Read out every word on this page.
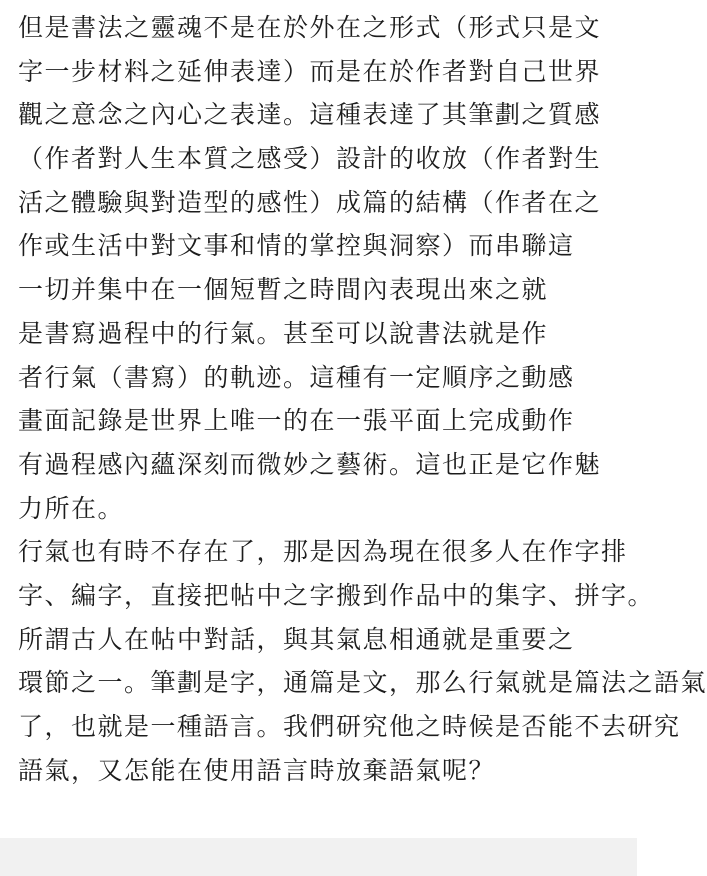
但是書法之靈魂不是在於外在之形式（形式只是文
字一步材料之延伸表達）而是在於作者對自己世界
觀之意念之內心之表達。這種表達了其筆劃之質感
（作者對人生本質之感受）設計的收放（作者對生
活之體驗與對造型的感性）成篇的結構（作者在之
作或生活中對文事和情的掌控與洞察）而串聯這
一切并集中在一個短暫之時間內表現出來之就
是書寫過程中的行氣。甚至可以說書法就是作
者行氣（書寫）的軌迹。這種有一定順序之動感
畫面記錄是世界上唯一的在一張平面上完成動作
有過程感內蘊深刻而微妙之藝術。這也正是它作魅
力所在。
行氣也有時不存在了，那是因為現在很多人在作字排
字、編字，直接把帖中之字搬到作品中的集字、拼字。
所謂古人在帖中對話，與其氣息相通就是重要之
環節之一。筆劃是字，通篇是文，那么行氣就是篇法之語氣
了，也就是一種語言。我們研究他之時候是否能不去研究
語氣，又怎能在使用語言時放棄語氣呢？
